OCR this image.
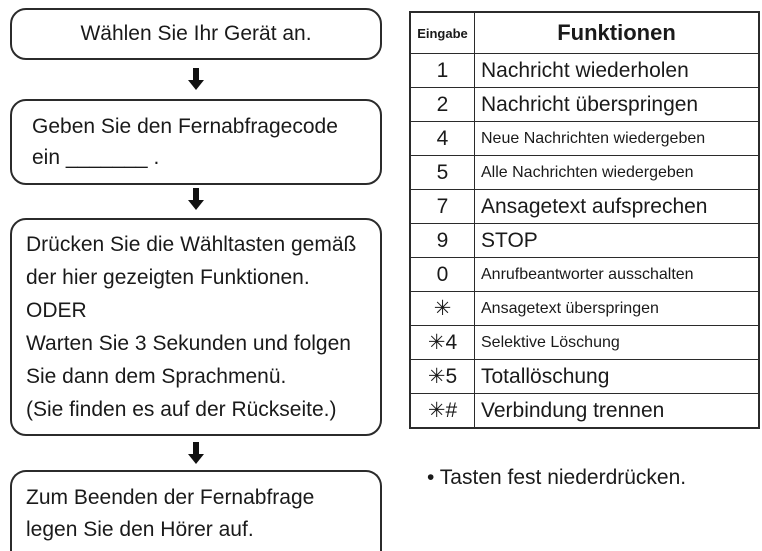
Wählen Sie Ihr Gerät an.
Geben Sie den Fernabfragecode
ein _______ .
Drücken Sie die Wähltasten gemäß
der hier gezeigten Funktionen.
ODER
Warten Sie 3 Sekunden und folgen
Sie dann dem Sprachmenü.
(Sie finden es auf der Rückseite.)
Zum Beenden der Fernabfrage
legen Sie den Hörer auf.
Eingabe	Funktionen
1	Nachricht wiederholen
2	Nachricht überspringen
4	Neue Nachrichten wiedergeben
5	Alle Nachrichten wiedergeben
7	Ansagetext aufsprechen
9	STOP
0	Anrufbeantworter ausschalten
✳	Ansagetext überspringen
✳4	Selektive Löschung
✳5	Totallöschung
✳#	Verbindung trennen
• Tasten fest niederdrücken.
